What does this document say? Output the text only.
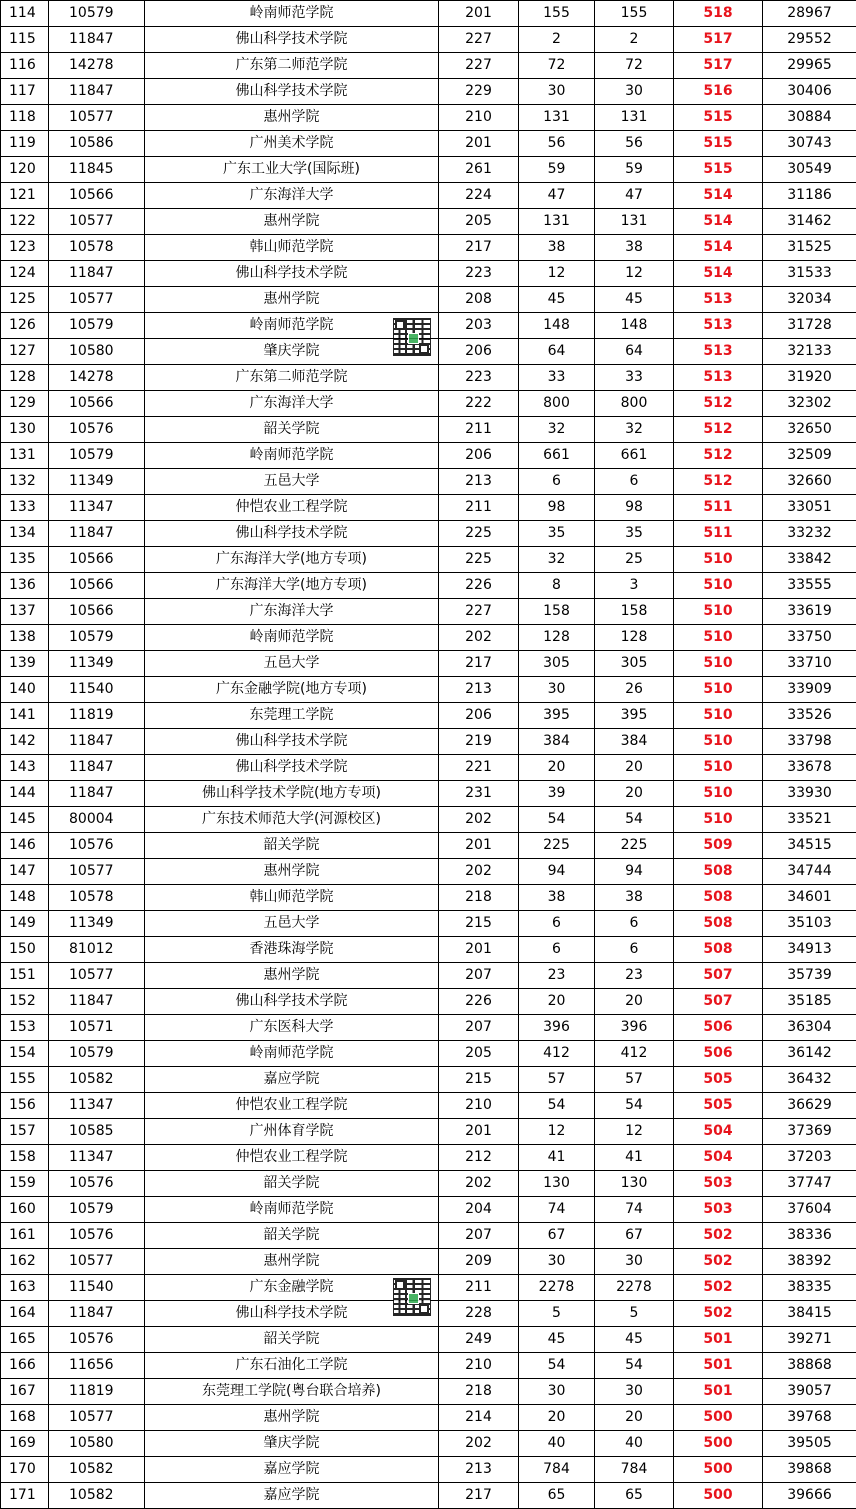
114	10579	岭南师范学院	201	155	155	518	28967
115	11847	佛山科学技术学院	227	2	2	517	29552
116	14278	广东第二师范学院	227	72	72	517	29965
117	11847	佛山科学技术学院	229	30	30	516	30406
118	10577	惠州学院	210	131	131	515	30884
119	10586	广州美术学院	201	56	56	515	30743
120	11845	广东工业大学(国际班)	261	59	59	515	30549
121	10566	广东海洋大学	224	47	47	514	31186
122	10577	惠州学院	205	131	131	514	31462
123	10578	韩山师范学院	217	38	38	514	31525
124	11847	佛山科学技术学院	223	12	12	514	31533
125	10577	惠州学院	208	45	45	513	32034
126	10579	岭南师范学院	203	148	148	513	31728
127	10580	肇庆学院	206	64	64	513	32133
128	14278	广东第二师范学院	223	33	33	513	31920
129	10566	广东海洋大学	222	800	800	512	32302
130	10576	韶关学院	211	32	32	512	32650
131	10579	岭南师范学院	206	661	661	512	32509
132	11349	五邑大学	213	6	6	512	32660
133	11347	仲恺农业工程学院	211	98	98	511	33051
134	11847	佛山科学技术学院	225	35	35	511	33232
135	10566	广东海洋大学(地方专项)	225	32	25	510	33842
136	10566	广东海洋大学(地方专项)	226	8	3	510	33555
137	10566	广东海洋大学	227	158	158	510	33619
138	10579	岭南师范学院	202	128	128	510	33750
139	11349	五邑大学	217	305	305	510	33710
140	11540	广东金融学院(地方专项)	213	30	26	510	33909
141	11819	东莞理工学院	206	395	395	510	33526
142	11847	佛山科学技术学院	219	384	384	510	33798
143	11847	佛山科学技术学院	221	20	20	510	33678
144	11847	佛山科学技术学院(地方专项)	231	39	20	510	33930
145	80004	广东技术师范大学(河源校区)	202	54	54	510	33521
146	10576	韶关学院	201	225	225	509	34515
147	10577	惠州学院	202	94	94	508	34744
148	10578	韩山师范学院	218	38	38	508	34601
149	11349	五邑大学	215	6	6	508	35103
150	81012	香港珠海学院	201	6	6	508	34913
151	10577	惠州学院	207	23	23	507	35739
152	11847	佛山科学技术学院	226	20	20	507	35185
153	10571	广东医科大学	207	396	396	506	36304
154	10579	岭南师范学院	205	412	412	506	36142
155	10582	嘉应学院	215	57	57	505	36432
156	11347	仲恺农业工程学院	210	54	54	505	36629
157	10585	广州体育学院	201	12	12	504	37369
158	11347	仲恺农业工程学院	212	41	41	504	37203
159	10576	韶关学院	202	130	130	503	37747
160	10579	岭南师范学院	204	74	74	503	37604
161	10576	韶关学院	207	67	67	502	38336
162	10577	惠州学院	209	30	30	502	38392
163	11540	广东金融学院	211	2278	2278	502	38335
164	11847	佛山科学技术学院	228	5	5	502	38415
165	10576	韶关学院	249	45	45	501	39271
166	11656	广东石油化工学院	210	54	54	501	38868
167	11819	东莞理工学院(粤台联合培养)	218	30	30	501	39057
168	10577	惠州学院	214	20	20	500	39768
169	10580	肇庆学院	202	40	40	500	39505
170	10582	嘉应学院	213	784	784	500	39868
171	10582	嘉应学院	217	65	65	500	39666
